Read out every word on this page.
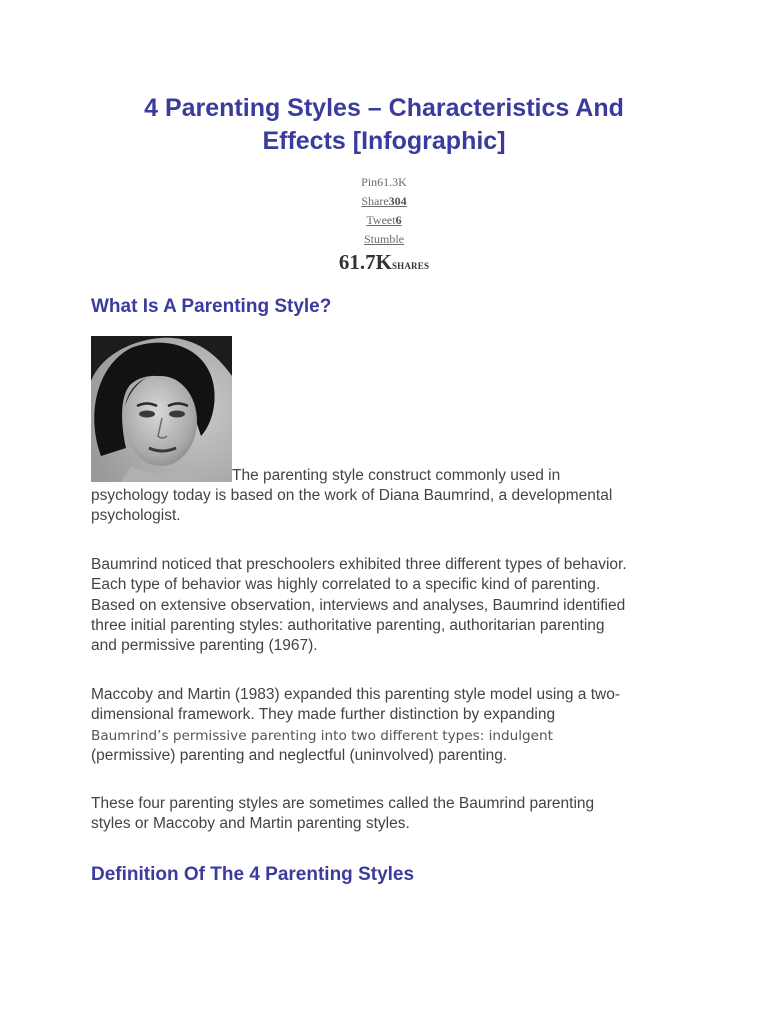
4 Parenting Styles – Characteristics And
Effects [Infographic]
Pin61.3K
Share304
Tweet6
Stumble
61.7KSHARES
What Is A Parenting Style?
The parenting style construct commonly used in

psychology today is based on the work of Diana Baumrind, a developmental
psychologist.

Baumrind noticed that preschoolers exhibited three different types of behavior.
Each type of behavior was highly correlated to a specific kind of parenting.
Based on extensive observation, interviews and analyses, Baumrind identified
three initial parenting styles: authoritative parenting, authoritarian parenting
and permissive parenting (1967).

Maccoby and Martin (1983) expanded this parenting style model using a two-
dimensional framework. They made further distinction by expanding
Baumrind’s permissive parenting into two different types: indulgent
(permissive) parenting and neglectful (uninvolved) parenting.

These four parenting styles are sometimes called the Baumrind parenting
styles or Maccoby and Martin parenting styles.

Definition Of The 4 Parenting Styles
